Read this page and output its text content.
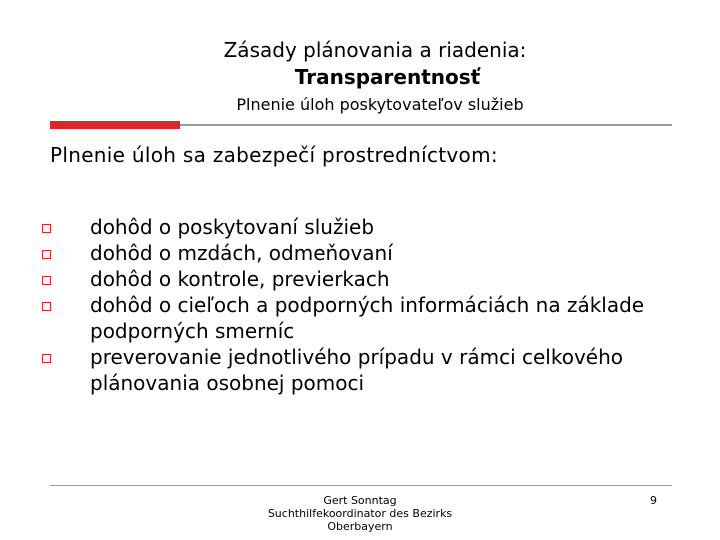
Zásady plánovania a riadenia:
Transparentnosť
Plnenie úloh poskytovateľov služieb
Plnenie úloh sa zabezpečí prostredníctvom:
dohôd o poskytovaní služieb
dohôd o mzdách, odmeňovaní
dohôd o kontrole, previerkach
dohôd o cieľoch a podporných informáciách na základe podporných smerníc
preverovanie jednotlivého prípadu v rámci celkového plánovania osobnej pomoci
Gert Sonntag
Suchthilfekoordinator des Bezirks
Oberbayern
9
